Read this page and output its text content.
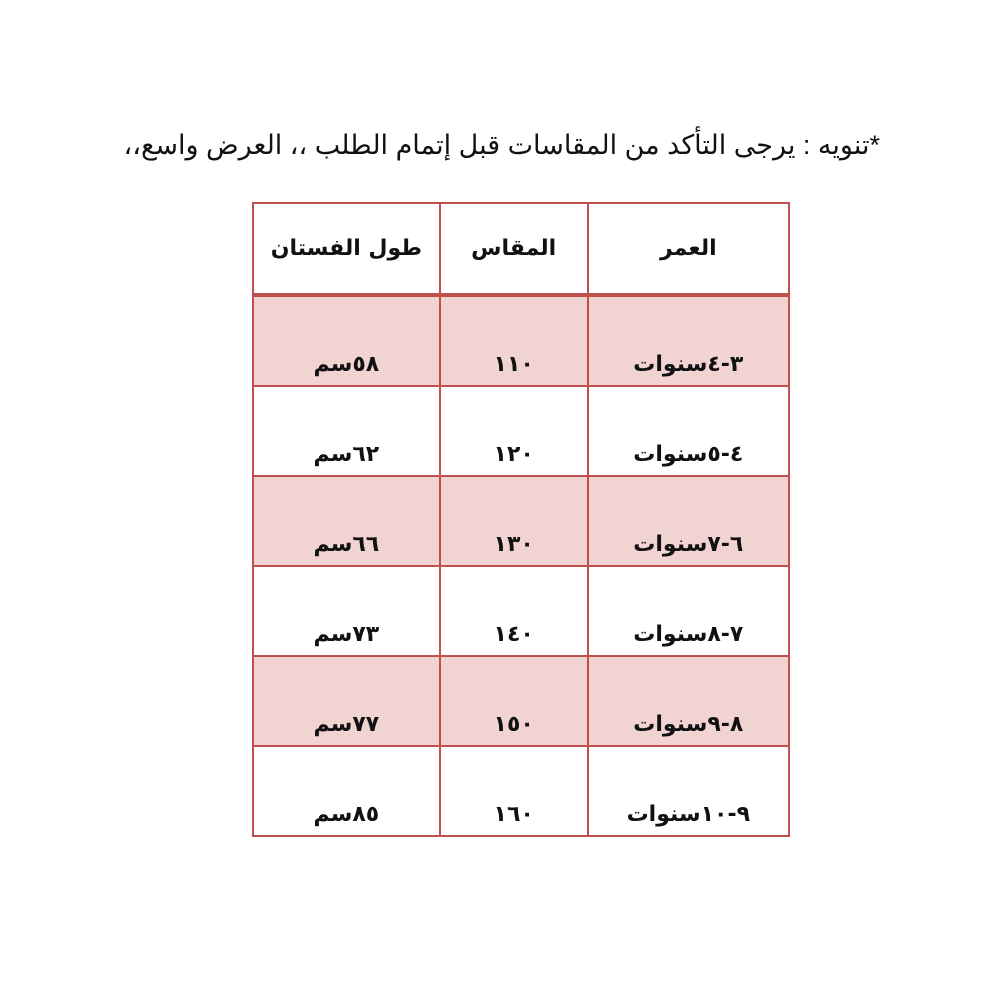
*تنويه : يرجى التأكد من المقاسات قبل إتمام الطلب ،، العرض واسع،،
العمر	المقاس	طول الفستان
٣-٤سنوات	١١٠	٥٨سم
٤-٥سنوات	١٢٠	٦٢سم
٦-٧سنوات	١٣٠	٦٦سم
٧-٨سنوات	١٤٠	٧٣سم
٨-٩سنوات	١٥٠	٧٧سم
٩-١٠سنوات	١٦٠	٨٥سم
